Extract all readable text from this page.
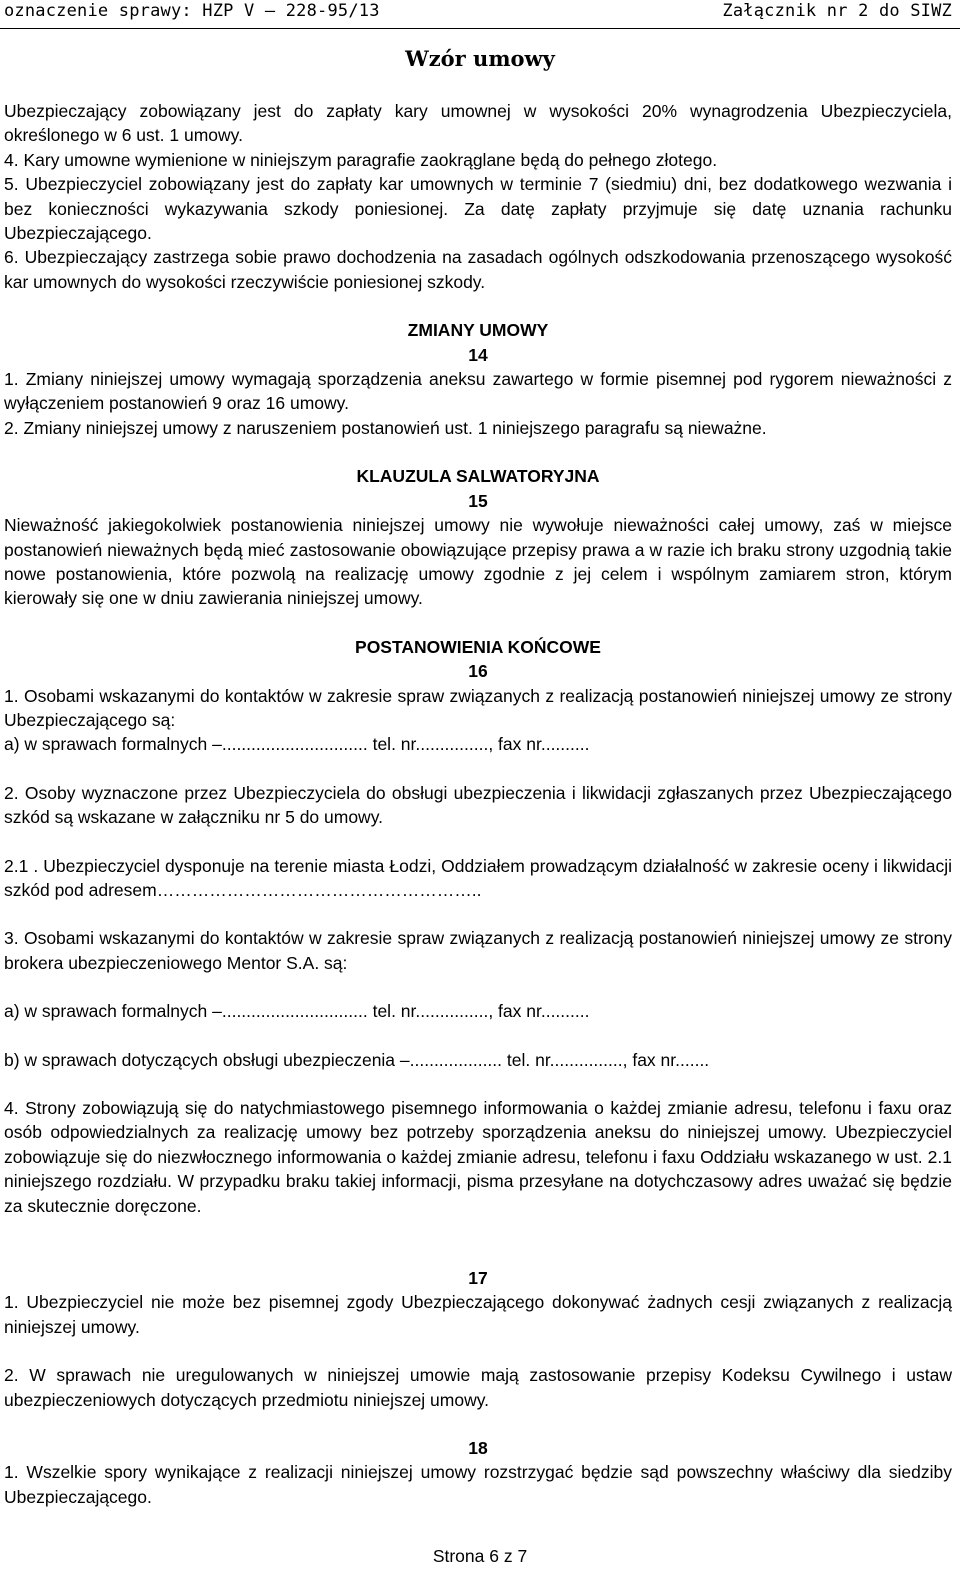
oznaczenie sprawy: HZP V – 228-95/13	Załącznik nr 2 do SIWZ
Wzór umowy

Ubezpieczający zobowiązany jest do zapłaty kary umownej w wysokości 20% wynagrodzenia Ubezpieczyciela, określonego w 6 ust. 1 umowy.

4. Kary umowne wymienione w niniejszym paragrafie zaokrąglane będą do pełnego złotego.

5. Ubezpieczyciel zobowiązany jest do zapłaty kar umownych w terminie 7 (siedmiu) dni, bez dodatkowego wezwania i bez konieczności wykazywania szkody poniesionej. Za datę zapłaty przyjmuje się datę uznania rachunku Ubezpieczającego.

6. Ubezpieczający zastrzega sobie prawo dochodzenia na zasadach ogólnych odszkodowania przenoszącego wysokość kar umownych do wysokości rzeczywiście poniesionej szkody.

ZMIANY UMOWY

14

1. Zmiany niniejszej umowy wymagają sporządzenia aneksu zawartego w formie pisemnej pod rygorem nieważności z wyłączeniem postanowień 9 oraz 16 umowy.

2. Zmiany niniejszej umowy z naruszeniem postanowień ust. 1 niniejszego paragrafu są nieważne.

KLAUZULA SALWATORYJNA

15

Nieważność jakiegokolwiek postanowienia niniejszej umowy nie wywołuje nieważności całej umowy, zaś w miejsce postanowień nieważnych będą mieć zastosowanie obowiązujące przepisy prawa a w razie ich braku strony uzgodnią takie nowe postanowienia, które pozwolą na realizację umowy zgodnie z jej celem i wspólnym zamiarem stron, którym kierowały się one w dniu zawierania niniejszej umowy.

POSTANOWIENIA KOŃCOWE

16

1. Osobami wskazanymi do kontaktów w zakresie spraw związanych z realizacją postanowień niniejszej umowy ze strony Ubezpieczającego są:

a) w sprawach formalnych –.............................. tel. nr..............., fax nr..........

2. Osoby wyznaczone przez Ubezpieczyciela do obsługi ubezpieczenia i likwidacji zgłaszanych przez Ubezpieczającego szkód są wskazane w załączniku nr 5 do umowy.

2.1 . Ubezpieczyciel dysponuje na terenie miasta Łodzi, Oddziałem prowadzącym działalność w zakresie oceny i likwidacji szkód pod adresem………………………………………………..

3. Osobami wskazanymi do kontaktów w zakresie spraw związanych z realizacją postanowień niniejszej umowy ze strony brokera ubezpieczeniowego Mentor S.A. są:

a) w sprawach formalnych –.............................. tel. nr..............., fax nr..........

b) w sprawach dotyczących obsługi ubezpieczenia –................... tel. nr..............., fax nr.......

4. Strony zobowiązują się do natychmiastowego pisemnego informowania o każdej zmianie adresu, telefonu i faxu oraz osób odpowiedzialnych za realizację umowy bez potrzeby sporządzenia aneksu do niniejszej umowy. Ubezpieczyciel zobowiązuje się do niezwłocznego informowania o każdej zmianie adresu, telefonu i faxu Oddziału wskazanego w ust. 2.1 niniejszego rozdziału. W przypadku braku takiej informacji, pisma przesyłane na dotychczasowy adres uważać się będzie za skutecznie doręczone.

17

1. Ubezpieczyciel nie może bez pisemnej zgody Ubezpieczającego dokonywać żadnych cesji związanych z realizacją niniejszej umowy.

2. W sprawach nie uregulowanych w niniejszej umowie mają zastosowanie przepisy Kodeksu Cywilnego i ustaw ubezpieczeniowych dotyczących przedmiotu niniejszej umowy.

18

1. Wszelkie spory wynikające z realizacji niniejszej umowy rozstrzygać będzie sąd powszechny właściwy dla siedziby Ubezpieczającego.

Strona 6 z 7
